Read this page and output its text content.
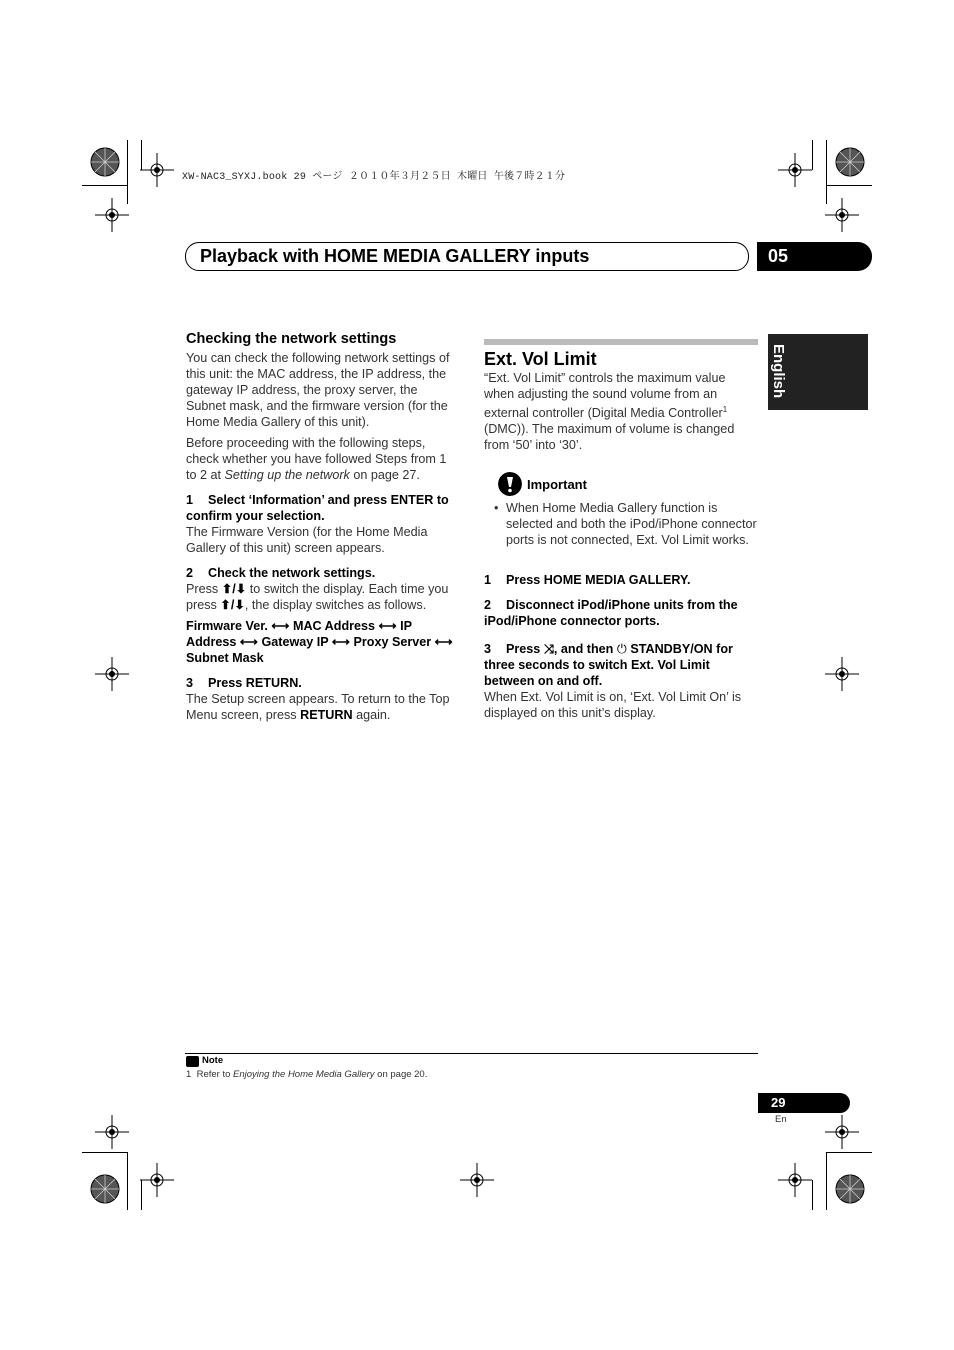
XW-NAC3_SYXJ.book 29 ページ ２０１０年３月２５日 木曜日 午後７時２１分
Playback with HOME MEDIA GALLERY inputs	05
English

Checking the network settings

You can check the following network settings of this unit: the MAC address, the IP address, the gateway IP address, the proxy server, the Subnet mask, and the firmware version (for the Home Media Gallery of this unit).

Before proceeding with the following steps, check whether you have followed Steps from 1 to 2 at Setting up the network on page 27.

1 Select ‘Information’ and press ENTER to confirm your selection.

The Firmware Version (for the Home Media Gallery of this unit) screen appears.

2 Check the network settings.

Press ⬆/⬇ to switch the display. Each time you press ⬆/⬇, the display switches as follows.

Firmware Ver. ⟷ MAC Address ⟷ IP Address ⟷ Gateway IP ⟷ Proxy Server ⟷ Subnet Mask

3 Press RETURN.

The Setup screen appears. To return to the Top Menu screen, press RETURN again.

Ext. Vol Limit

“Ext. Vol Limit” controls the maximum value when adjusting the sound volume from an external controller (Digital Media Controller$^1$ (DMC)). The maximum of volume is changed from ‘50’ into ‘30’.

Important
• When Home Media Gallery function is selected and both the iPod/iPhone connector ports is not connected, Ext. Vol Limit works.

1 Press HOME MEDIA GALLERY.

2 Disconnect iPod/iPhone units from the iPod/iPhone connector ports.

3 Press ⤨, and then ⏻ STANDBY/ON for three seconds to switch Ext. Vol Limit between on and off.

When Ext. Vol Limit is on, ‘Ext. Vol Limit On’ is displayed on this unit’s display.

Note
1 Refer to Enjoying the Home Media Gallery on page 20.
29
En
